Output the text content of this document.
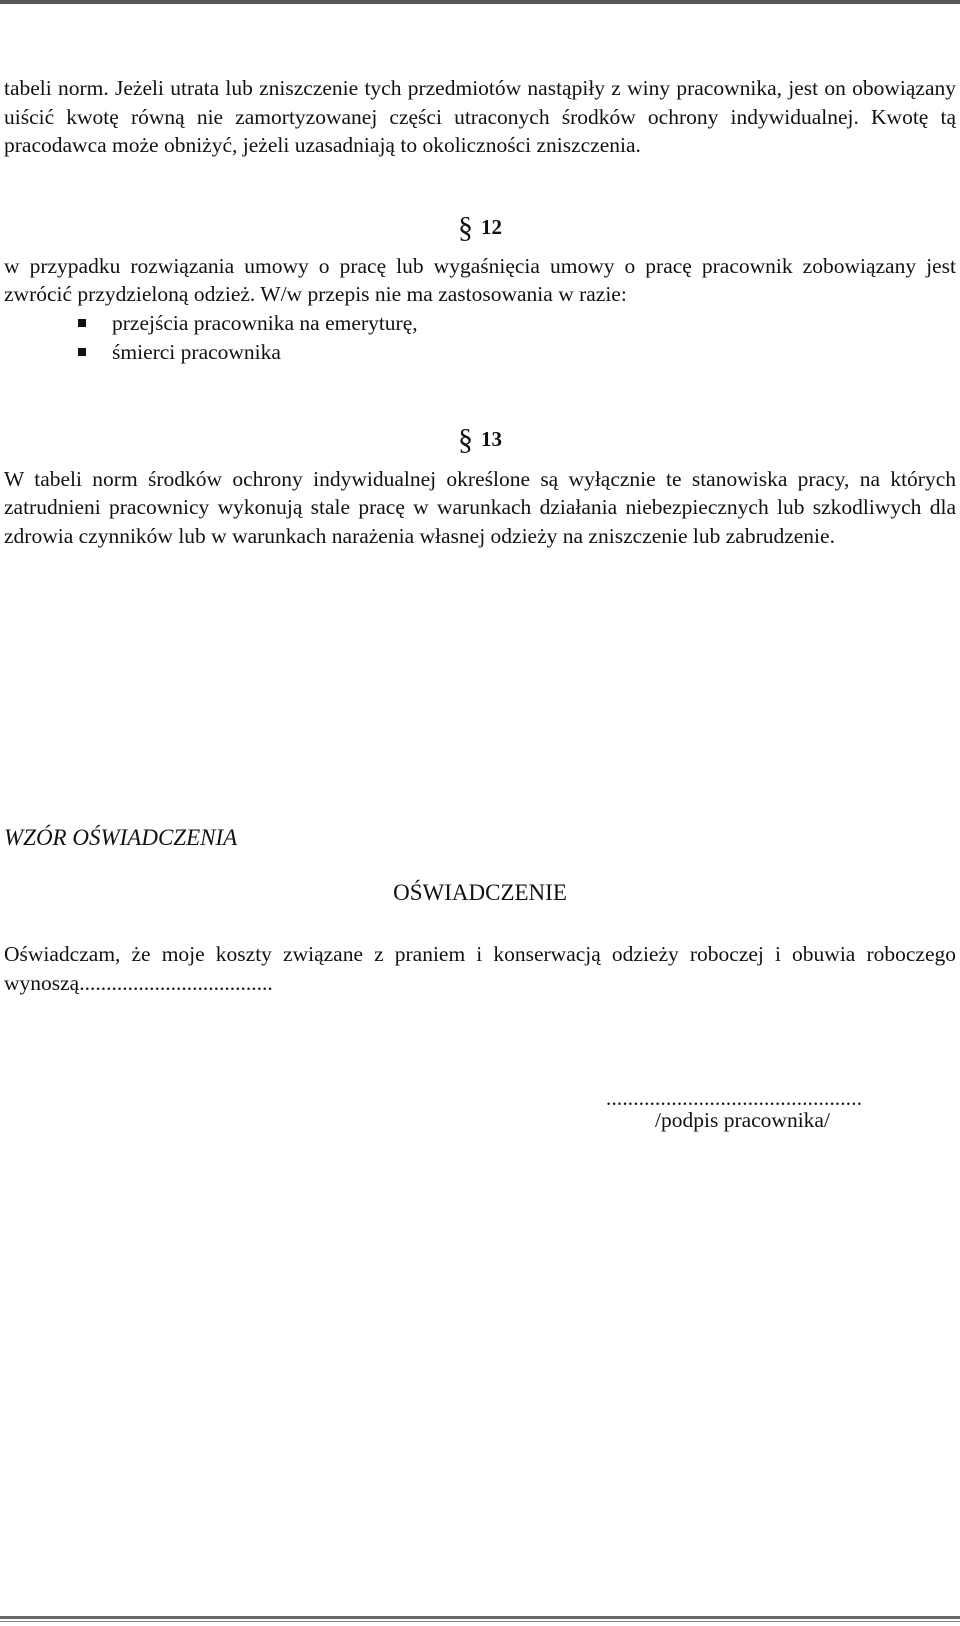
tabeli norm. Jeżeli utrata lub zniszczenie tych przedmiotów nastąpiły z winy pracownika, jest on obowiązany uiścić kwotę równą nie zamortyzowanej części utraconych środków ochrony indywidualnej. Kwotę tą pracodawca może obniżyć, jeżeli uzasadniają to okoliczności zniszczenia.

§ 12

w przypadku rozwiązania umowy o pracę lub wygaśnięcia umowy o pracę pracownik zobowiązany jest zwrócić przydzieloną odzież. W/w przepis nie ma zastosowania w razie:

przejścia pracownika na emeryturę,
śmierci pracownika
§ 13

W tabeli norm środków ochrony indywidualnej określone są wyłącznie te stanowiska pracy, na których zatrudnieni pracownicy wykonują stale pracę w warunkach działania niebezpiecznych lub szkodliwych dla zdrowia czynników lub w warunkach narażenia własnej odzieży na zniszczenie lub zabrudzenie.

WZÓR OŚWIADCZENIA
OŚWIADCZENIE

Oświadczam, że moje koszty związane z praniem i konserwacją odzieży roboczej i obuwia roboczego wynoszą....................................

...............................................
/podpis pracownika/
